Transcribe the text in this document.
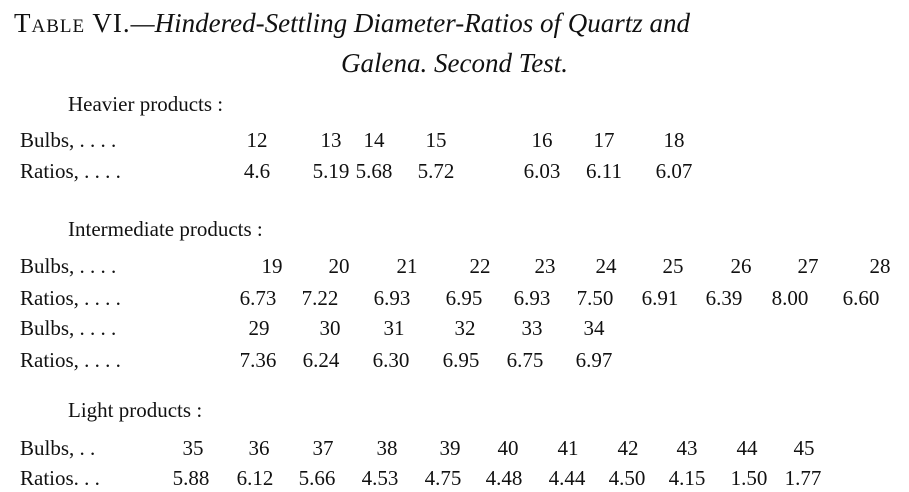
Table VI.—Hindered-Settling Diameter-Ratios of Quartz and
Galena. Second Test.
Heavier products :
Bulbs, . . . .	12	13	14	15	16	17	18
Ratios, . . . .	4.6	5.19 5.68	5.72	6.03	6.11	6.07
Intermediate products :
Bulbs, . . . .	19	20	21	22	23	24	25	26	27	28
Ratios, . . . .	6.73	7.22	6.93	6.95	6.93	7.50	6.91	6.39	8.00	6.60
Bulbs, . . . .	29	30	31	32	33	34
Ratios, . . . .	7.36	6.24	6.30	6.95	6.75	6.97
Light products :
Bulbs, . .	35	36	37	38	39	40	41	42	43	44	45
Ratios. . .	5.88	6.12	5.66	4.53	4.75	4.48	4.44	4.50	4.15	1.50 1.77
